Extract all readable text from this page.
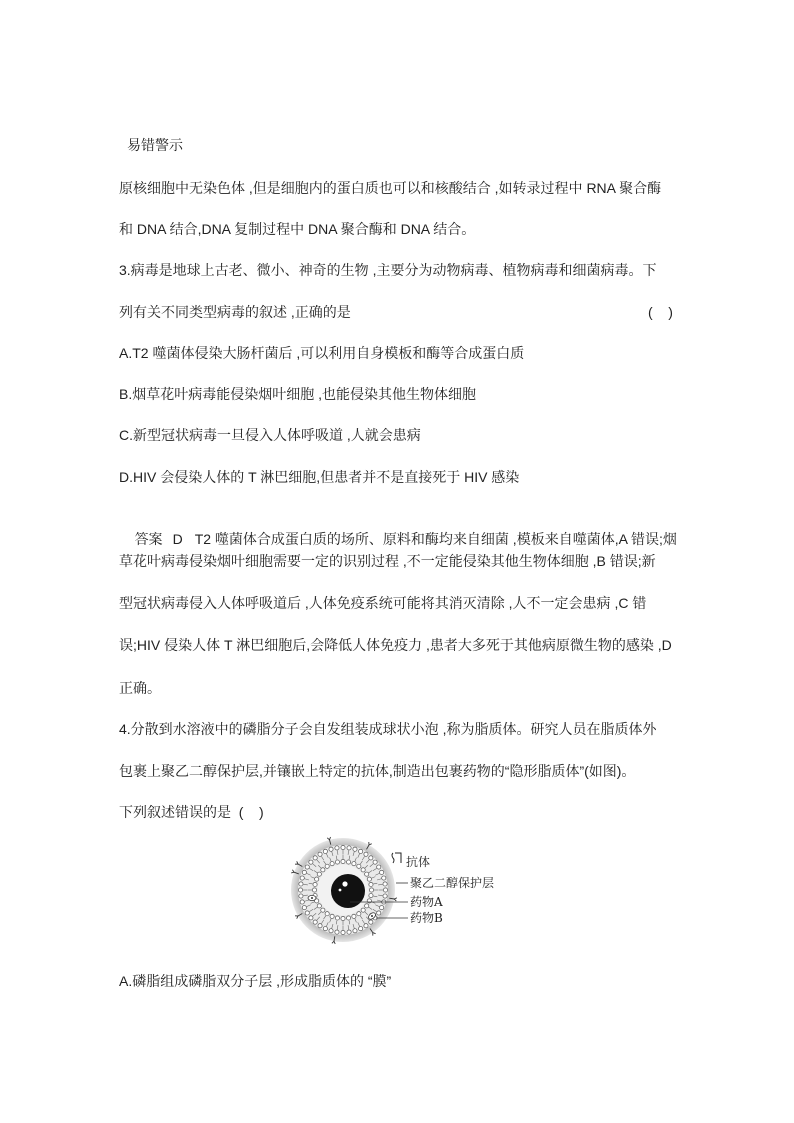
易错警示
原核细胞中无染色体 ,但是细胞内的蛋白质也可以和核酸结合 ,如转录过程中 RNA 聚合酶
和 DNA 结合,DNA 复制过程中 DNA 聚合酶和 DNA 结合。
3.病毒是地球上古老、微小、神奇的生物 ,主要分为动物病毒、植物病毒和细菌病毒。下
列有关不同类型病毒的叙述 ,正确的是	(    )
A.T2 噬菌体侵染大肠杆菌后 ,可以利用自身模板和酶等合成蛋白质
B.烟草花叶病毒能侵染烟叶细胞 ,也能侵染其他生物体细胞
C.新型冠状病毒一旦侵入人体呼吸道 ,人就会患病
D.HIV 会侵染人体的 T 淋巴细胞,但患者并不是直接死于 HIV 感染

答案 D T2 噬菌体合成蛋白质的场所、原料和酶均来自细菌 ,模板来自噬菌体,A 错误;烟

草花叶病毒侵染烟叶细胞需要一定的识别过程 ,不一定能侵染其他生物体细胞 ,B 错误;新
型冠状病毒侵入人体呼吸道后 ,人体免疫系统可能将其消灭清除 ,人不一定会患病 ,C 错
误;HIV 侵染人体 T 淋巴细胞后,会降低人体免疫力 ,患者大多死于其他病原微生物的感染 ,D
正确。
4.分散到水溶液中的磷脂分子会自发组装成球状小泡 ,称为脂质体。研究人员在脂质体外
包裹上聚乙二醇保护层,并镶嵌上特定的抗体,制造出包裹药物的“隐形脂质体”(如图)。
下列叙述错误的是  (    )
抗体
聚乙二醇保护层
药物A
药物B
A.磷脂组成磷脂双分子层 ,形成脂质体的 “膜”
